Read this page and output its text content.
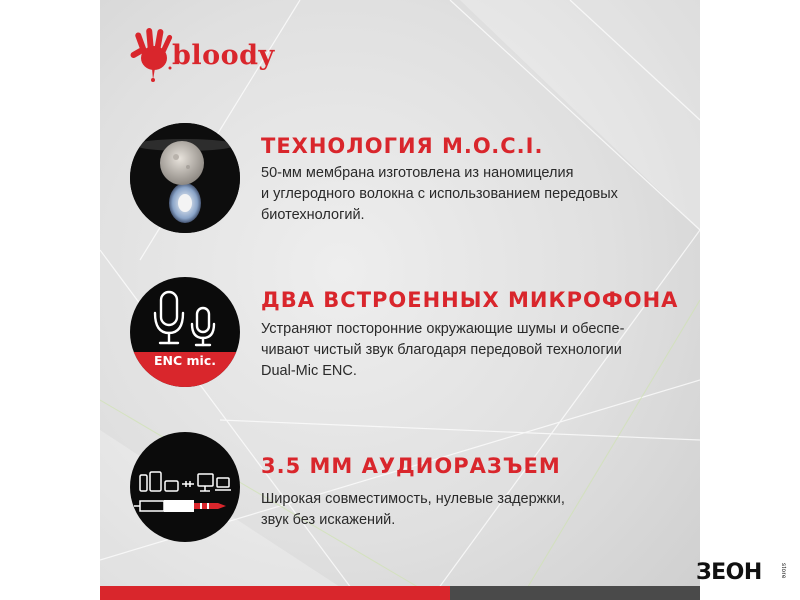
bloody
ТЕХНОЛОГИЯ M.O.C.I.

50-мм мембрана изготовлена из наномицелия
и углеродного волокна с использованием передовых
биотехнологий.

ENC mic.
ДВА ВСТРОЕННЫХ МИКРОФОНА

Устраняют посторонние окружающие шумы и обеспе-
чивают чистый звук благодаря передовой технологии
Dual-Mic ENC.

3.5 ММ АУДИОРАЗЪЕМ

Широкая совместимость, нулевые задержки,
звук без искажений.

ЗЕОН	store
